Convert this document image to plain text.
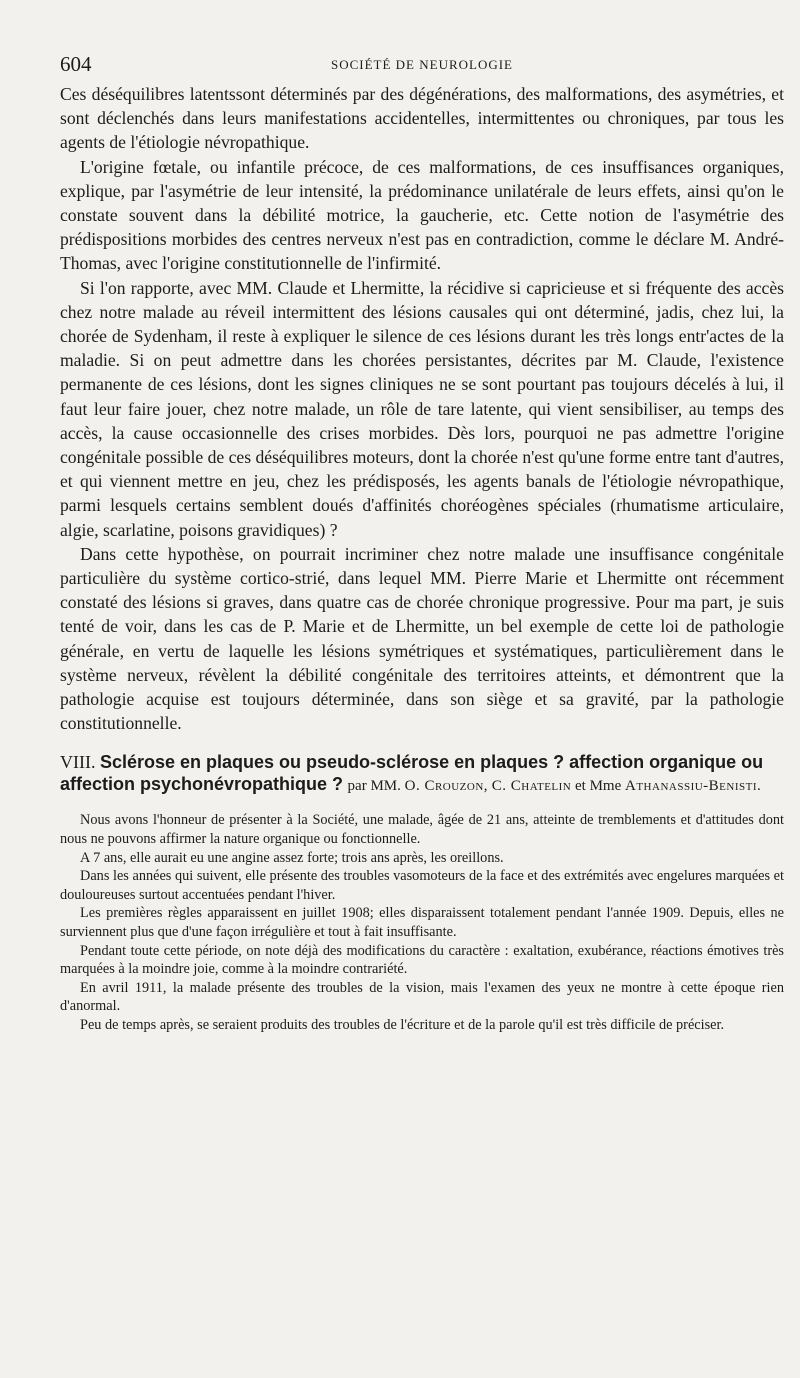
604	SOCIÉTÉ DE NEUROLOGIE

Ces déséquilibres latentssont déterminés par des dégénérations, des malformations, des asymétries, et sont déclenchés dans leurs manifestations accidentelles, intermittentes ou chroniques, par tous les agents de l'étiologie névropathique.

L'origine fœtale, ou infantile précoce, de ces malformations, de ces insuffisances organiques, explique, par l'asymétrie de leur intensité, la prédominance unilatérale de leurs effets, ainsi qu'on le constate souvent dans la débilité motrice, la gaucherie, etc. Cette notion de l'asymétrie des prédispositions morbides des centres nerveux n'est pas en contradiction, comme le déclare M. André-Thomas, avec l'origine constitutionnelle de l'infirmité.

Si l'on rapporte, avec MM. Claude et Lhermitte, la récidive si capricieuse et si fréquente des accès chez notre malade au réveil intermittent des lésions causales qui ont déterminé, jadis, chez lui, la chorée de Sydenham, il reste à expliquer le silence de ces lésions durant les très longs entr'actes de la maladie. Si on peut admettre dans les chorées persistantes, décrites par M. Claude, l'existence permanente de ces lésions, dont les signes cliniques ne se sont pourtant pas toujours décelés à lui, il faut leur faire jouer, chez notre malade, un rôle de tare latente, qui vient sensibiliser, au temps des accès, la cause occasionnelle des crises morbides. Dès lors, pourquoi ne pas admettre l'origine congénitale possible de ces déséquilibres moteurs, dont la chorée n'est qu'une forme entre tant d'autres, et qui viennent mettre en jeu, chez les prédisposés, les agents banals de l'étiologie névropathique, parmi lesquels certains semblent doués d'affinités choréogènes spéciales (rhumatisme articulaire, algie, scarlatine, poisons gravidiques) ?

Dans cette hypothèse, on pourrait incriminer chez notre malade une insuffisance congénitale particulière du système cortico-strié, dans lequel MM. Pierre Marie et Lhermitte ont récemment constaté des lésions si graves, dans quatre cas de chorée chronique progressive. Pour ma part, je suis tenté de voir, dans les cas de P. Marie et de Lhermitte, un bel exemple de cette loi de pathologie générale, en vertu de laquelle les lésions symétriques et systématiques, particulièrement dans le système nerveux, révèlent la débilité congénitale des territoires atteints, et démontrent que la pathologie acquise est toujours déterminée, dans son siège et sa gravité, par la pathologie constitutionnelle.

VIII. Sclérose en plaques ou pseudo-sclérose en plaques ? affection organique ou affection psychonévropathique ? par MM. O. Crouzon, C. Chatelin et Mme Athanassiu-Benisti.

Nous avons l'honneur de présenter à la Société, une malade, âgée de 21 ans, atteinte de tremblements et d'attitudes dont nous ne pouvons affirmer la nature organique ou fonctionnelle.

A 7 ans, elle aurait eu une angine assez forte; trois ans après, les oreillons.

Dans les années qui suivent, elle présente des troubles vasomoteurs de la face et des extrémités avec engelures marquées et douloureuses surtout accentuées pendant l'hiver.

Les premières règles apparaissent en juillet 1908; elles disparaissent totalement pendant l'année 1909. Depuis, elles ne surviennent plus que d'une façon irrégulière et tout à fait insuffisante.

Pendant toute cette période, on note déjà des modifications du caractère : exaltation, exubérance, réactions émotives très marquées à la moindre joie, comme à la moindre contrariété.

En avril 1911, la malade présente des troubles de la vision, mais l'examen des yeux ne montre à cette époque rien d'anormal.

Peu de temps après, se seraient produits des troubles de l'écriture et de la parole qu'il est très difficile de préciser.
